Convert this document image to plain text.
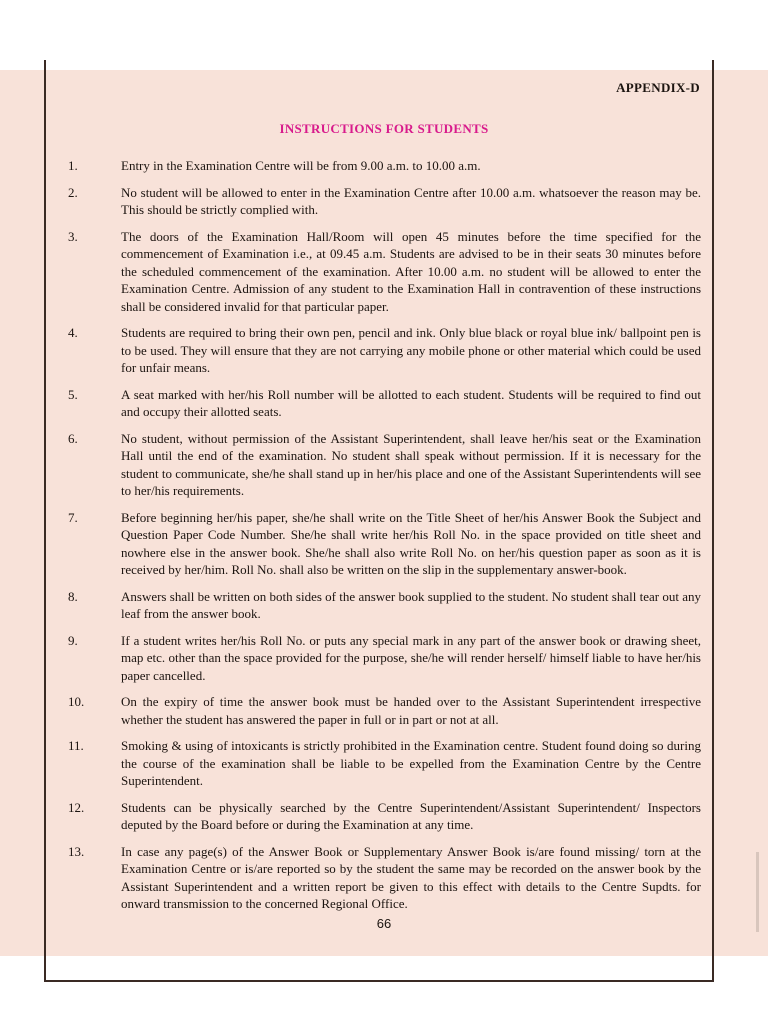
APPENDIX-D
INSTRUCTIONS FOR STUDENTS
1.	Entry in the Examination Centre will be from 9.00 a.m. to 10.00 a.m.
2.	No student will be allowed to enter in the Examination Centre after 10.00 a.m. whatsoever the reason may be. This should be strictly complied with.
3.	The doors of the Examination Hall/Room will open 45 minutes before the time specified for the commencement of Examination i.e., at 09.45 a.m. Students are advised to be in their seats 30 minutes before the scheduled commencement of the examination. After 10.00 a.m. no student will be allowed to enter the Examination Centre. Admission of any student to the Examination Hall in contravention of these instructions shall be considered invalid for that particular paper.
4.	Students are required to bring their own pen, pencil and ink. Only blue black or royal blue ink/ ballpoint pen is to be used. They will ensure that they are not carrying any mobile phone or other material which could be used for unfair means.
5.	A seat marked with her/his Roll number will be allotted to each student. Students will be required to find out and occupy their allotted seats.
6.	No student, without permission of the Assistant Superintendent, shall leave her/his seat or the Examination Hall until the end of the examination. No student shall speak without permission. If it is necessary for the student to communicate, she/he shall stand up in her/his place and one of the Assistant Superintendents will see to her/his requirements.
7.	Before beginning her/his paper, she/he shall write on the Title Sheet of her/his Answer Book the Subject and Question Paper Code Number. She/he shall write her/his Roll No. in the space provided on title sheet and nowhere else in the answer book. She/he shall also write Roll No. on her/his question paper as soon as it is received by her/him. Roll No. shall also be written on the slip in the supplementary answer-book.
8.	Answers shall be written on both sides of the answer book supplied to the student. No student shall tear out any leaf from the answer book.
9.	If a student writes her/his Roll No. or puts any special mark in any part of the answer book or drawing sheet, map etc. other than the space provided for the purpose, she/he will render herself/ himself liable to have her/his paper cancelled.
10.	On the expiry of time the answer book must be handed over to the Assistant Superintendent irrespective whether the student has answered the paper in full or in part or not at all.
11.	Smoking & using of intoxicants is strictly prohibited in the Examination centre. Student found doing so during the course of the examination shall be liable to be expelled from the Examination Centre by the Centre Superintendent.
12.	Students can be physically searched by the Centre Superintendent/Assistant Superintendent/ Inspectors deputed by the Board before or during the Examination at any time.
13.	In case any page(s) of the Answer Book or Supplementary Answer Book is/are found missing/ torn at the Examination Centre or is/are reported so by the student the same may be recorded on the answer book by the Assistant Superintendent and a written report be given to this effect with details to the Centre Supdts. for onward transmission to the concerned Regional Office.
66
